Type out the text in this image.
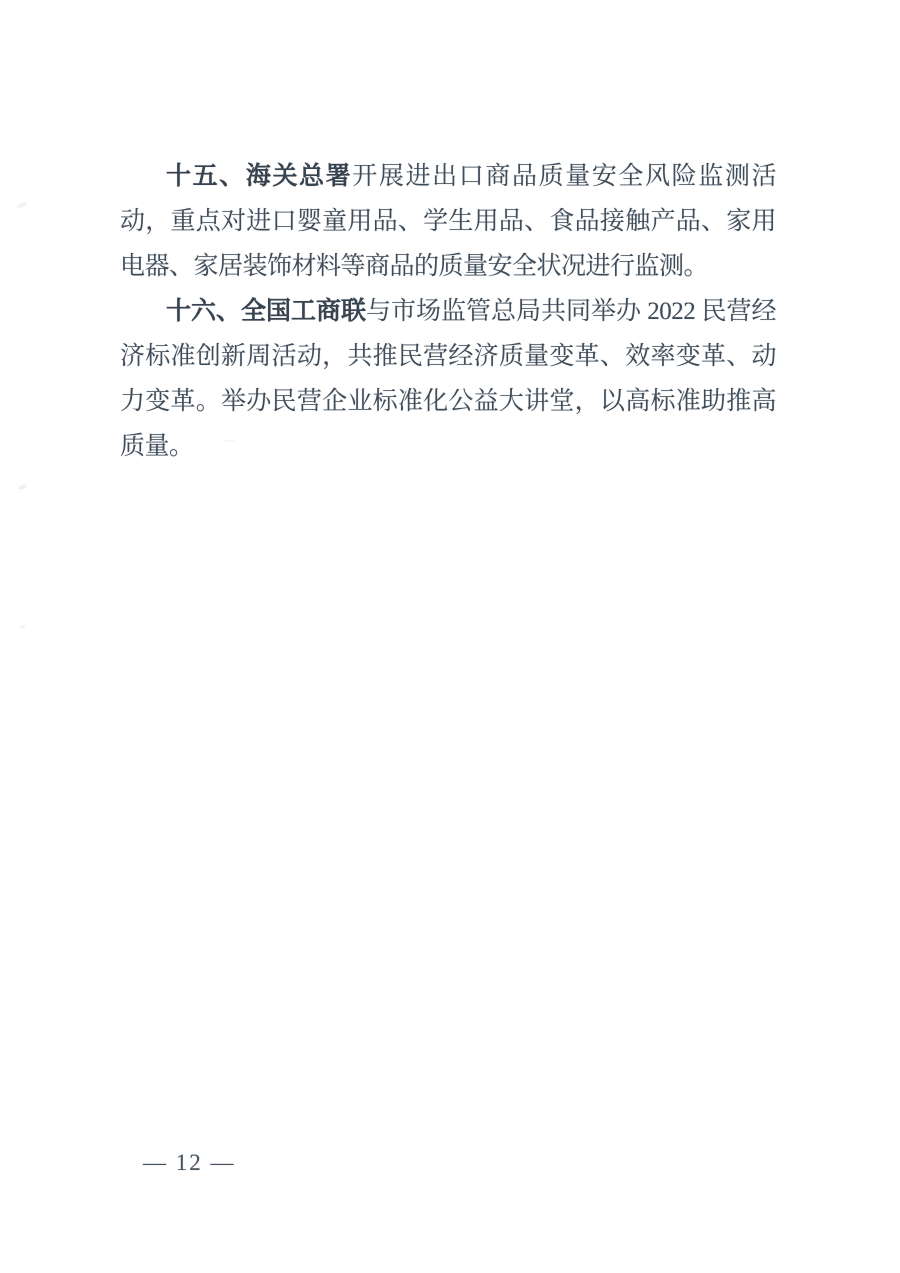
十五、海关总署开展进出口商品质量安全风险监测活动，重点对进口婴童用品、学生用品、食品接触产品、家用电器、家居装饰材料等商品的质量安全状况进行监测。

十六、全国工商联与市场监管总局共同举办 2022 民营经济标准创新周活动，共推民营经济质量变革、效率变革、动力变革。举办民营企业标准化公益大讲堂，以高标准助推高质量。

— 12 —
